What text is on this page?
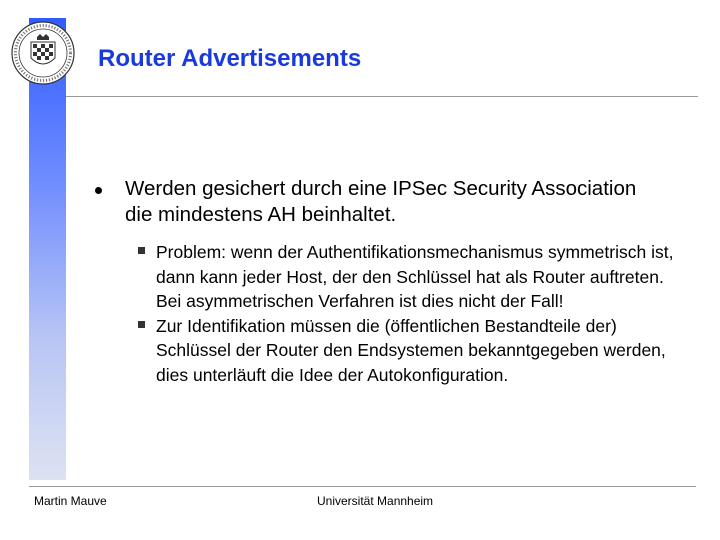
Router Advertisements
Werden gesichert durch eine IPSec Security Association die mindestens AH beinhaltet.
Problem: wenn der Authentifikationsmechanismus symmetrisch ist, dann kann jeder Host, der den Schlüssel hat als Router auftreten. Bei asymmetrischen Verfahren ist dies nicht der Fall!
Zur Identifikation müssen die (öffentlichen Bestandteile der) Schlüssel der Router den Endsystemen bekanntgegeben werden, dies unterläuft die Idee der Autokonfiguration.
Martin Mauve	Universität Mannheim
